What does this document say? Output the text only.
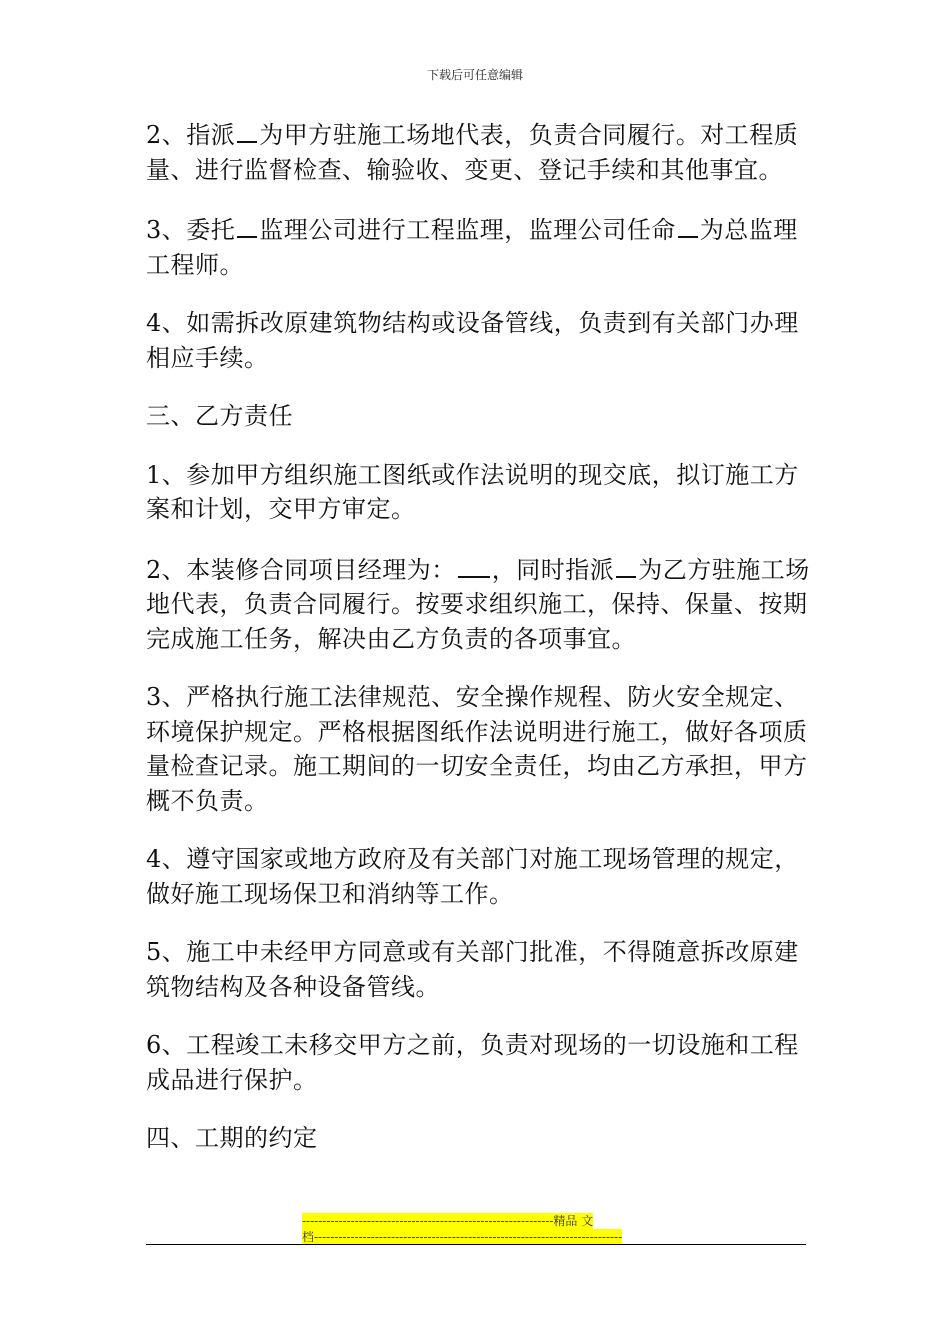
下载后可任意编辑

2、指派 为甲方驻施工场地代表，负责合同履行。对工程质量、进行监督检查、输验收、变更、登记手续和其他事宜。

3、委托 监理公司进行工程监理，监理公司任命 为总监理工程师。

4、如需拆改原建筑物结构或设备管线，负责到有关部门办理相应手续。

三、乙方责任

1、参加甲方组织施工图纸或作法说明的现交底，拟订施工方案和计划，交甲方审定。

2、本装修合同项目经理为： ，同时指派 为乙方驻施工场地代表，负责合同履行。按要求组织施工，保持、保量、按期完成施工任务，解决由乙方负责的各项事宜。

3、严格执行施工法律规范、安全操作规程、防火安全规定、环境保护规定。严格根据图纸作法说明进行施工，做好各项质量检查记录。施工期间的一切安全责任，均由乙方承担，甲方概不负责。

4、遵守国家或地方政府及有关部门对施工现场管理的规定，做好施工现场保卫和消纳等工作。

5、施工中未经甲方同意或有关部门批准，不得随意拆改原建筑物结构及各种设备管线。

6、工程竣工未移交甲方之前，负责对现场的一切设施和工程成品进行保护。

四、工期的约定

--------------------------------------------------------------精品 文
档----------------------------------------------------------------------------
